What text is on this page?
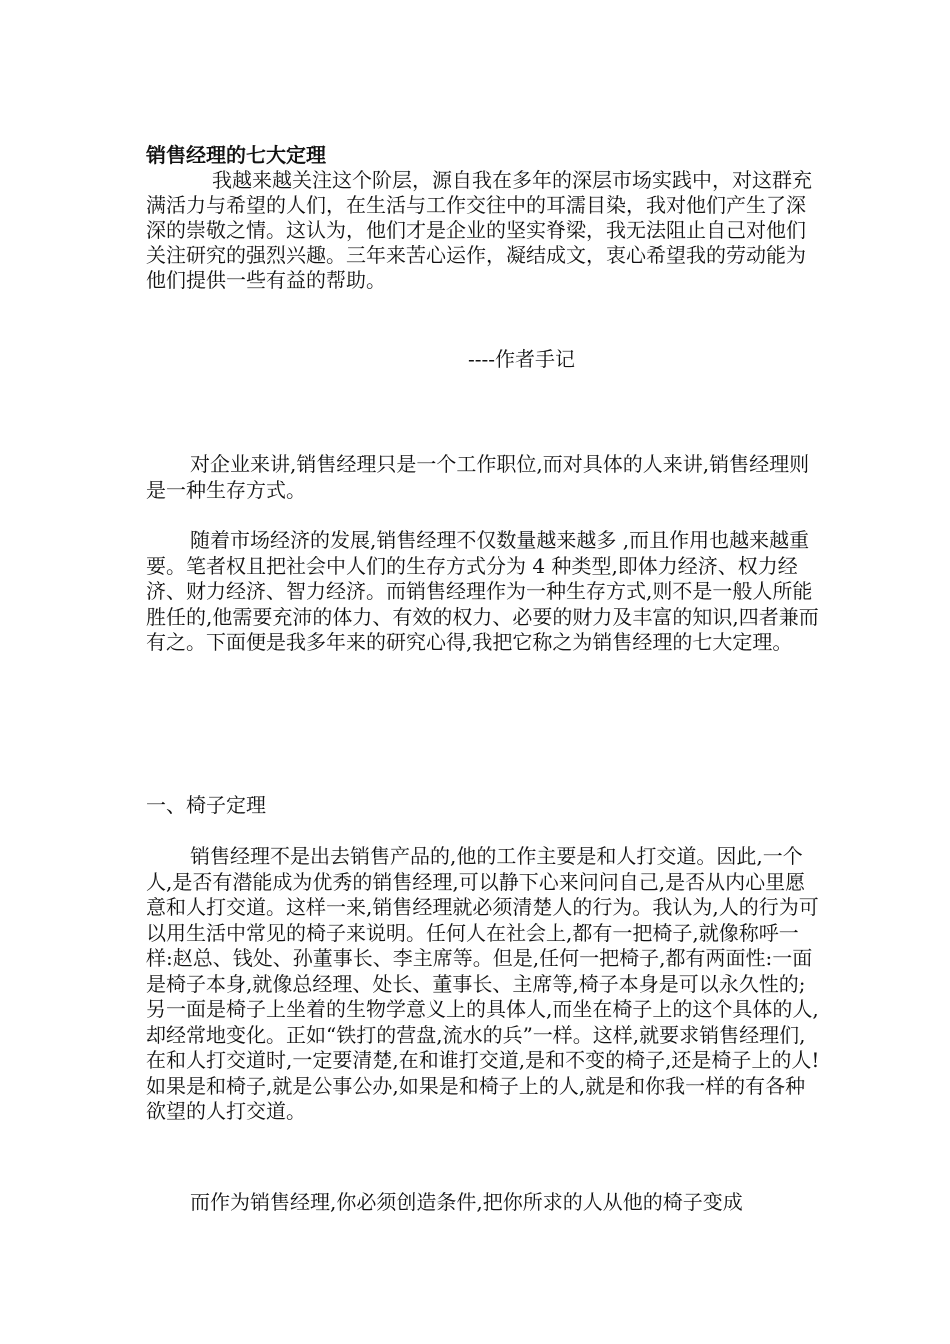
销售经理的七大定理
我越来越关注这个阶层，源自我在多年的深层市场实践中，对这群充满活力与希望的人们，在生活与工作交往中的耳濡目染，我对他们产生了深深的崇敬之情。这认为，他们才是企业的坚实脊梁，我无法阻止自己对他们关注研究的强烈兴趣。三年来苦心运作，凝结成文，衷心希望我的劳动能为他们提供一些有益的帮助。
----作者手记
对企业来讲,销售经理只是一个工作职位,而对具体的人来讲,销售经理则是一种生存方式。
随着市场经济的发展,销售经理不仅数量越来越多 ,而且作用也越来越重要。笔者权且把社会中人们的生存方式分为 4 种类型,即体力经济、权力经济、财力经济、智力经济。而销售经理作为一种生存方式,则不是一般人所能胜任的,他需要充沛的体力、有效的权力、必要的财力及丰富的知识,四者兼而有之。下面便是我多年来的研究心得,我把它称之为销售经理的七大定理。
一、椅子定理
销售经理不是出去销售产品的,他的工作主要是和人打交道。因此,一个人,是否有潜能成为优秀的销售经理,可以静下心来问问自己,是否从内心里愿意和人打交道。这样一来,销售经理就必须清楚人的行为。我认为,人的行为可以用生活中常见的椅子来说明。任何人在社会上,都有一把椅子,就像称呼一样:赵总、钱处、孙董事长、李主席等。但是,任何一把椅子,都有两面性:一面是椅子本身,就像总经理、处长、董事长、主席等,椅子本身是可以永久性的;另一面是椅子上坐着的生物学意义上的具体人,而坐在椅子上的这个具体的人,却经常地变化。正如“铁打的营盘,流水的兵”一样。这样,就要求销售经理们,在和人打交道时,一定要清楚,在和谁打交道,是和不变的椅子,还是椅子上的人!如果是和椅子,就是公事公办,如果是和椅子上的人,就是和你我一样的有各种欲望的人打交道。
而作为销售经理,你必须创造条件,把你所求的人从他的椅子变成
